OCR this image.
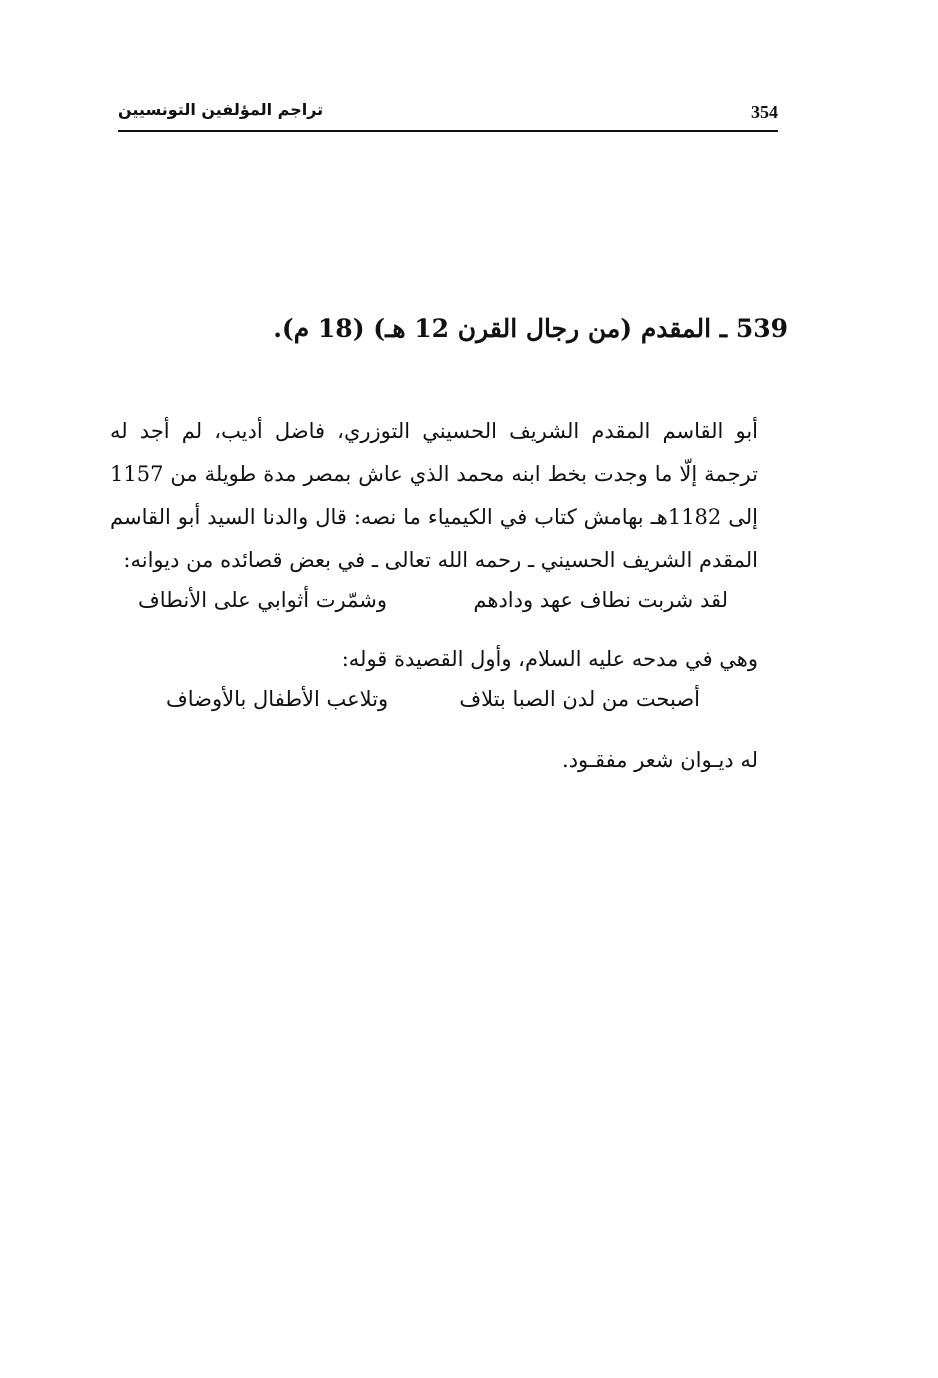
تراجم المؤلفين التونسيين	354
539 ـ المقدم (من رجال القرن 12 هـ) (18 م).

أبو القاسم المقدم الشريف الحسيني التوزري، فاضل أديب، لم أجد له ترجمة إلّا ما وجدت بخط ابنه محمد الذي عاش بمصر مدة طويلة من 1157 إلى 1182هـ بهامش كتاب في الكيمياء ما نصه: قال والدنا السيد أبو القاسم المقدم الشريف الحسيني ـ رحمه الله تعالى ـ في بعض قصائده من ديوانه:

لقد شربت نطاف عهد ودادهم
وشمّرت أثوابي على الأنطاف

وهي في مدحه عليه السلام، وأول القصيدة قوله:

أصبحت من لدن الصبا بتلاف
وتلاعب الأطفال بالأوضاف

له ديـوان شعر مفقـود.
